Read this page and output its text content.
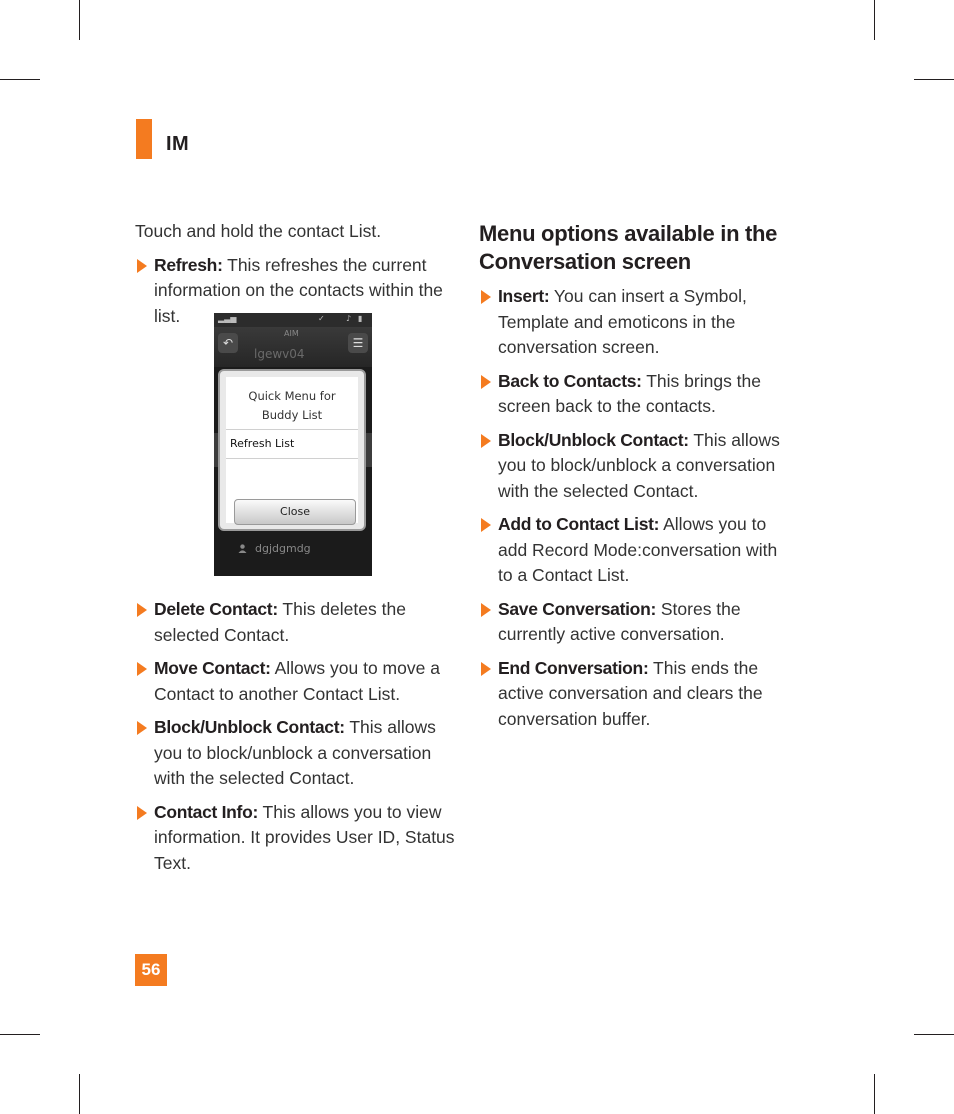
IM

Touch and hold the contact List.

Refresh: This refreshes the current information on the contacts within the list.	▂▃▅	✓	♪ ▮
AIM
↶
lgewv04
☰
Quick Menu for
Buddy List
Refresh List
Close
dgjdgmdg
Delete Contact: This deletes the selected Contact.
Move Contact: Allows you to move a Contact to another Contact List.
Block/Unblock Contact: This allows you to block/unblock a conversation with the selected Contact.
Contact Info: This allows you to view information. It provides User ID, Status Text.
Menu options available in the Conversation screen
Insert: You can insert a Symbol, Template and emoticons in the conversation screen.
Back to Contacts: This brings the screen back to the contacts.
Block/Unblock Contact: This allows you to block/unblock a conversation with the selected Contact.
Add to Contact List: Allows you to add Record Mode:conversation with to a Contact List.
Save Conversation: Stores the currently active conversation.
End Conversation: This ends the active conversation and clears the conversation buffer.
56
